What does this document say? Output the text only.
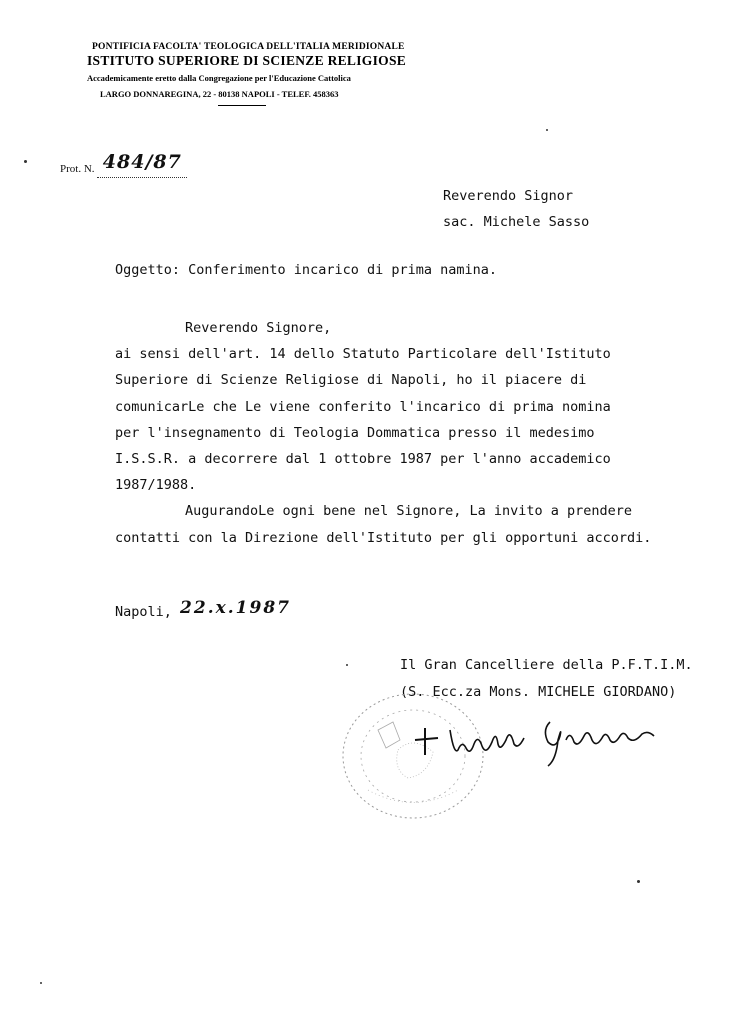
PONTIFICIA FACOLTA' TEOLOGICA DELL'ITALIA MERIDIONALE
ISTITUTO SUPERIORE DI SCIENZE RELIGIOSE
Accademicamente eretto dalla Congregazione per l'Educazione Cattolica
LARGO DONNAREGINA, 22 - 80138 NAPOLI - TELEF. 458363
Prot. N. 484/87
Reverendo Signor
sac. Michele Sasso
Oggetto: Conferimento incarico di prima namina.

Reverendo Signore,

ai sensi dell'art. 14 dello Statuto Particolare dell'Istituto

Superiore di Scienze Religiose di Napoli, ho il piacere di

comunicarLe che Le viene conferito l'incarico di prima nomina

per l'insegnamento di Teologia Dommatica presso il medesimo

I.S.S.R. a decorrere dal 1 ottobre 1987 per l'anno accademico

1987/1988.

AugurandoLe ogni bene nel Signore, La invito a prendere

contatti con la Direzione dell'Istituto per gli opportuni accordi.

Napoli, 22.x.1987
Il Gran Cancelliere della P.F.T.I.M.
(S. Ecc.za Mons. MICHELE GIORDANO)
